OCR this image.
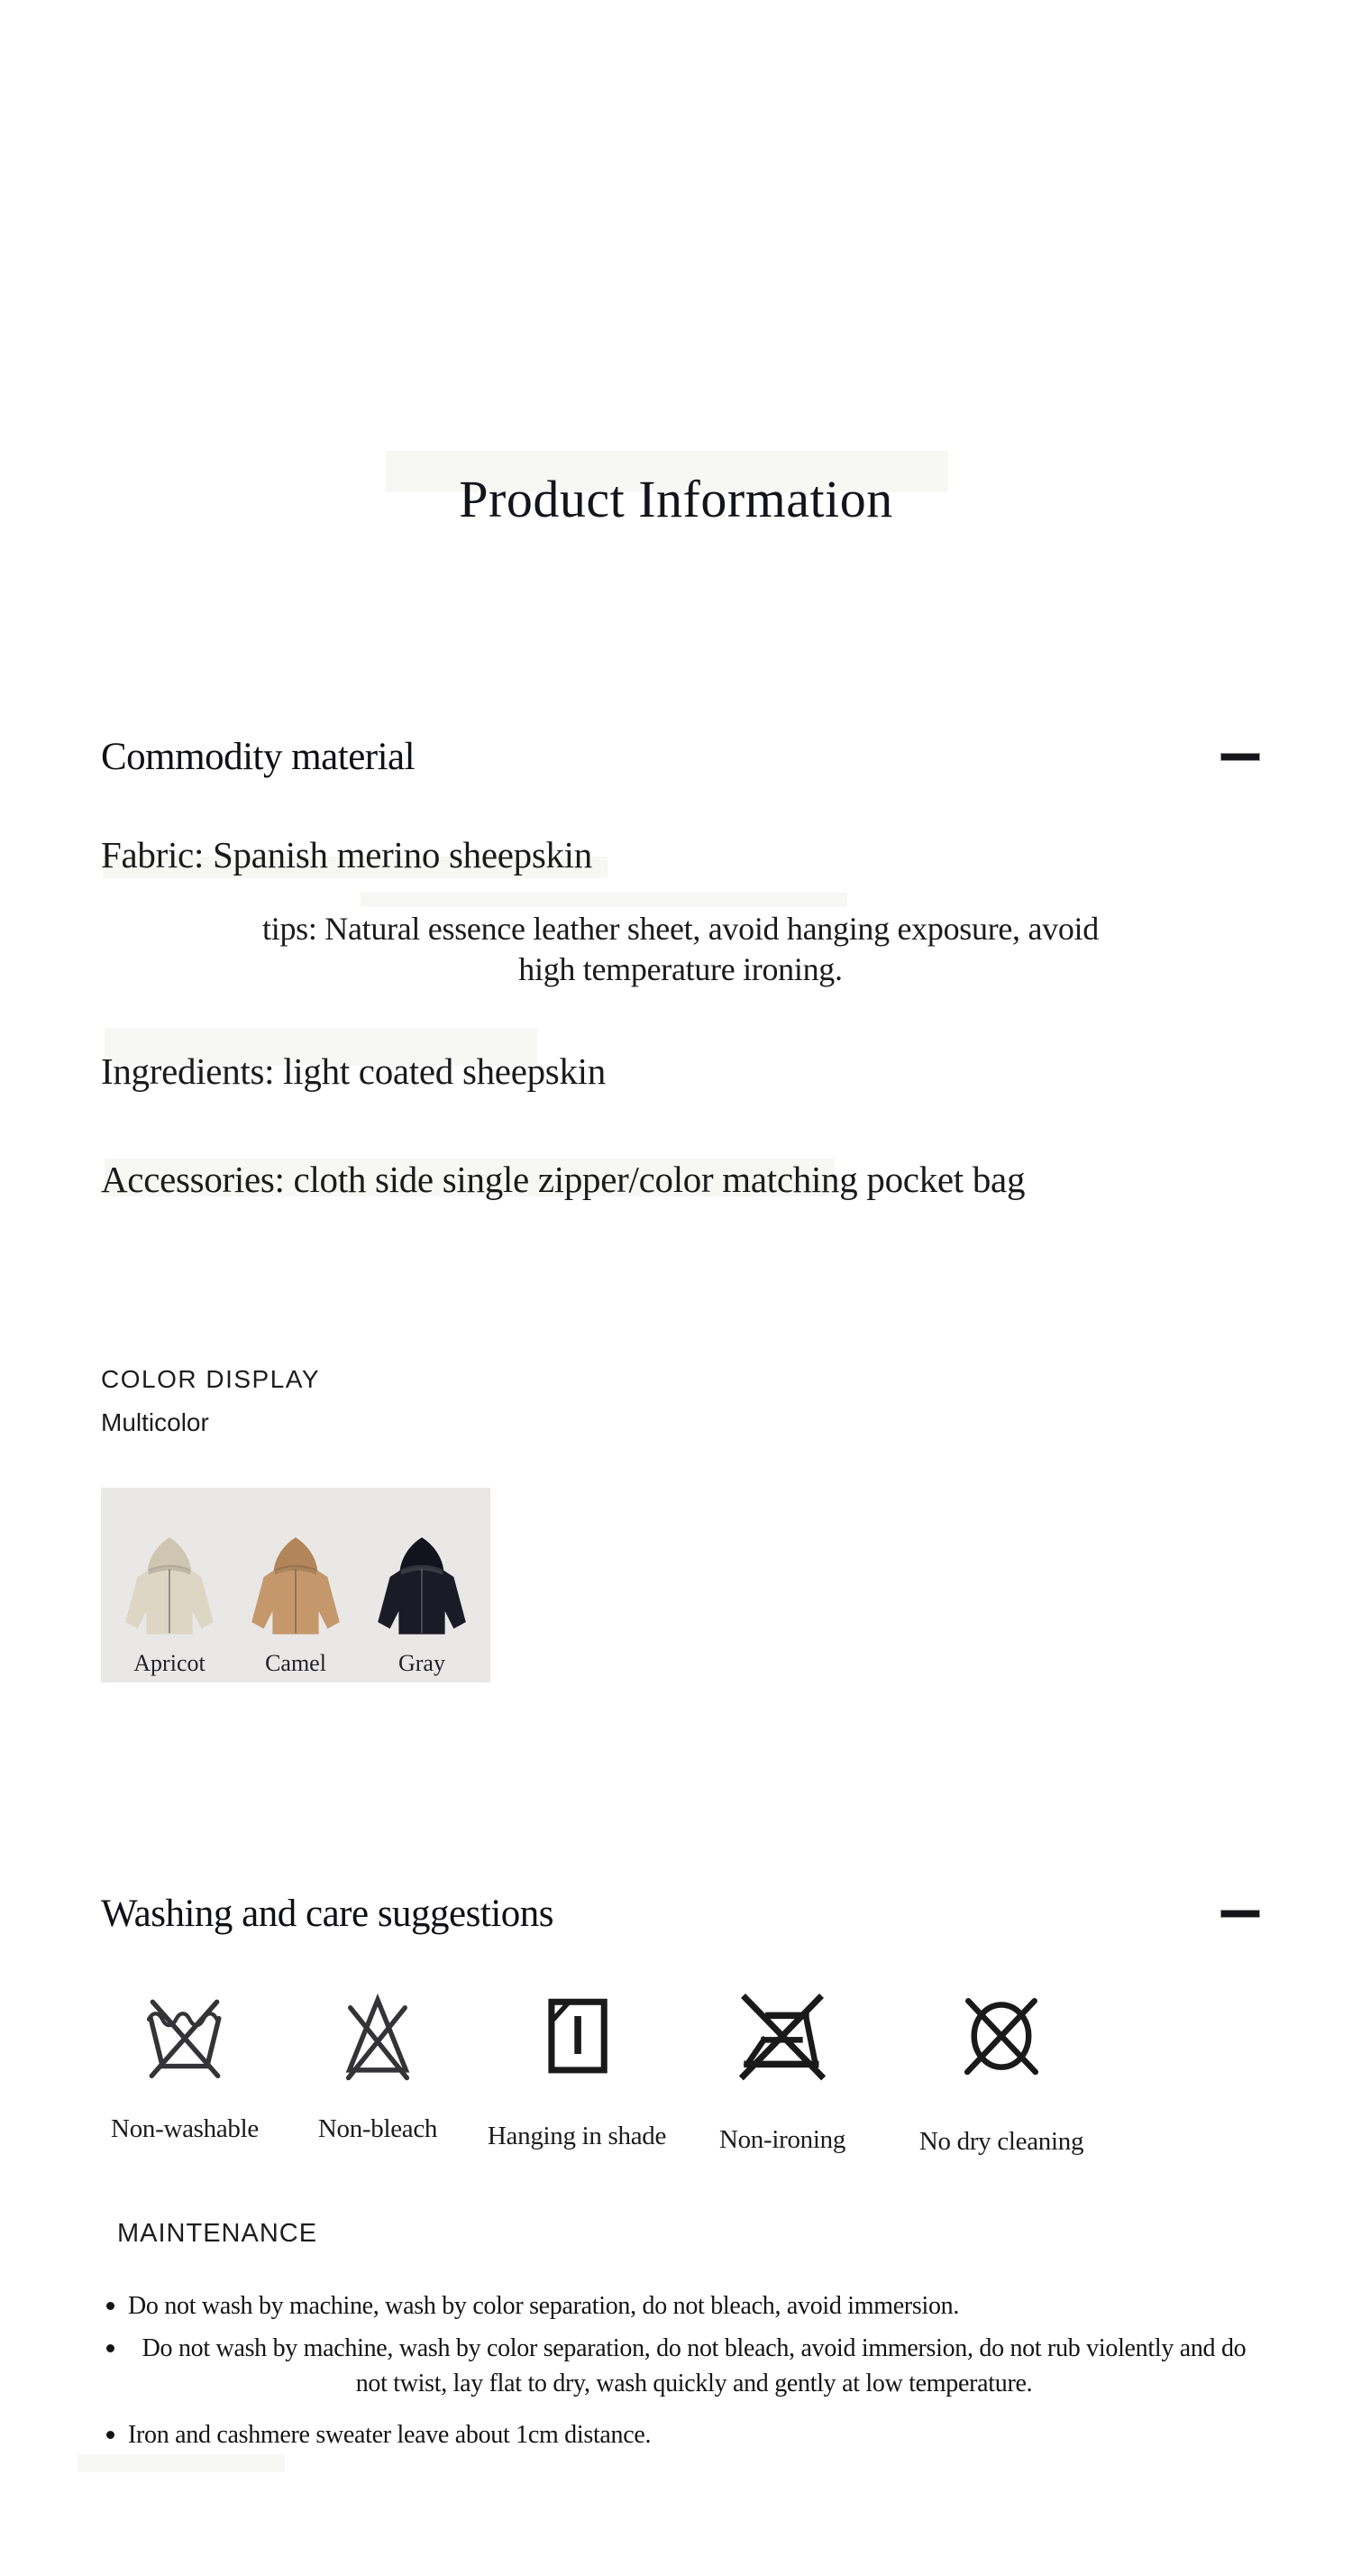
Product Information
Commodity material
Fabric: Spanish merino sheepskin
tips: Natural essence leather sheet, avoid hanging exposure, avoid
high temperature ironing.
Ingredients: light coated sheepskin
Accessories: cloth side single zipper/color matching pocket bag
COLOR DISPLAY
Multicolor
Apricot	Camel	Gray
Washing and care suggestions
Non-washable Non-bleach Hanging in shade Non-ironing	No dry cleaning
MAINTENANCE
Do not wash by machine, wash by color separation, do not bleach, avoid immersion.
Do not wash by machine, wash by color separation, do not bleach, avoid immersion, do not rub violently and do not twist, lay flat to dry, wash quickly and gently at low temperature.
Iron and cashmere sweater leave about 1cm distance.
